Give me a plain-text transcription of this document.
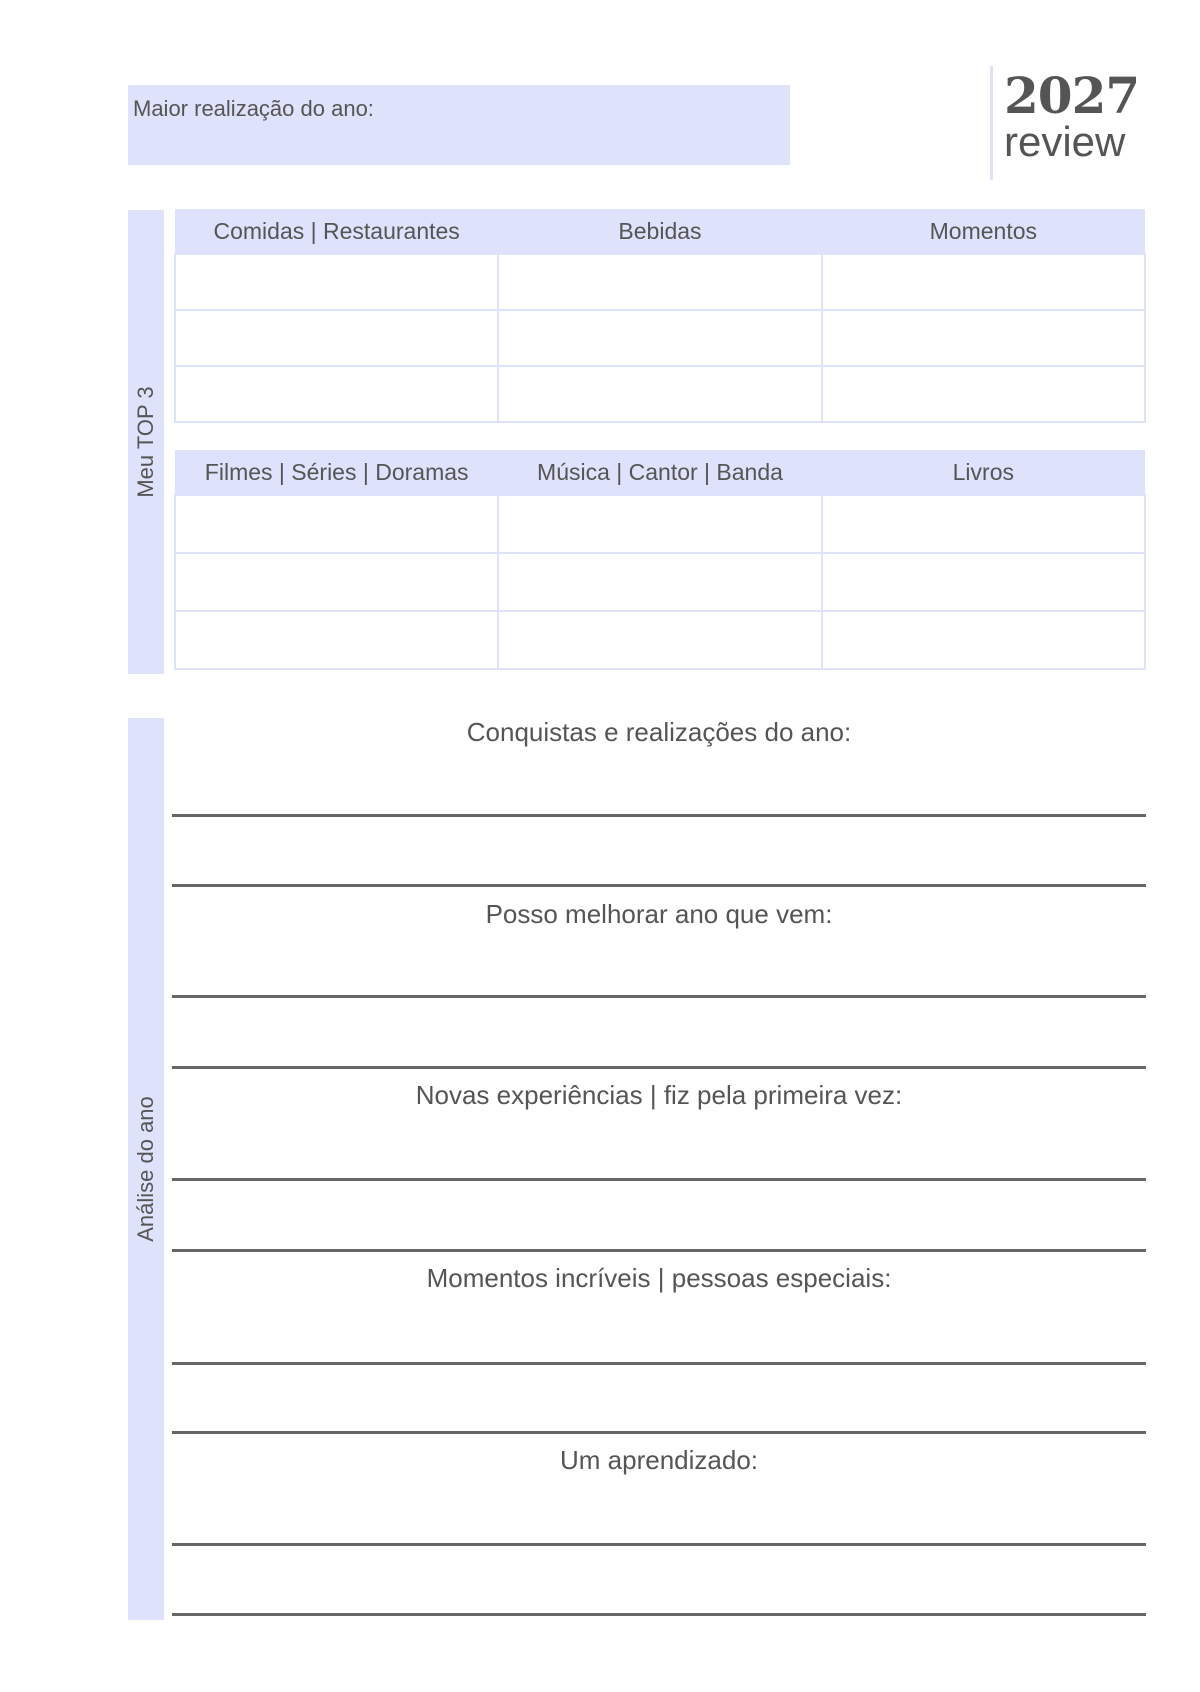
Maior realização do ano:	2027
review
Meu TOP 3
Comidas | Restaurantes	Bebidas	Momentos

Filmes | Séries | Doramas	Música | Cantor | Banda	Livros

Análise do ano
Conquistas e realizações do ano:
Posso melhorar ano que vem:
Novas experiências | fiz pela primeira vez:
Momentos incríveis | pessoas especiais:
Um aprendizado:
